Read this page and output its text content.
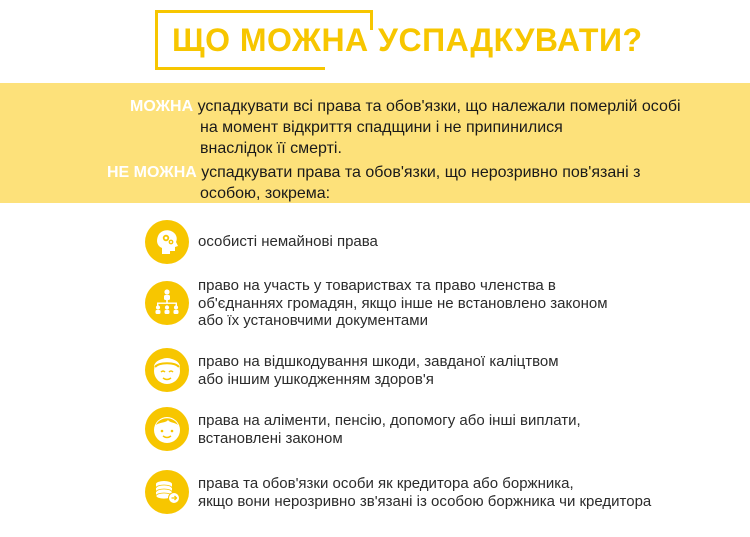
ЩО МОЖНА УСПАДКУВАТИ?
МОЖНА успадкувати всі права та обов'язки, що належали померлій особі
на момент відкриття спадщини і не припинилися
внаслідок її смерті.
НЕ МОЖНА успадкувати права та обов'язки, що нерозривно пов'язані з
особою, зокрема:
особисті немайнові права
право на участь у товариствах та право членства в
об'єднаннях громадян, якщо інше не встановлено законом
або їх установчими документами
право на відшкодування шкоди, завданої каліцтвом
або іншим ушкодженням здоров'я
права на аліменти, пенсію, допомогу або інші виплати,
встановлені законом
права та обов'язки особи як кредитора або боржника,
якщо вони нерозривно зв'язані із особою боржника чи кредитора
